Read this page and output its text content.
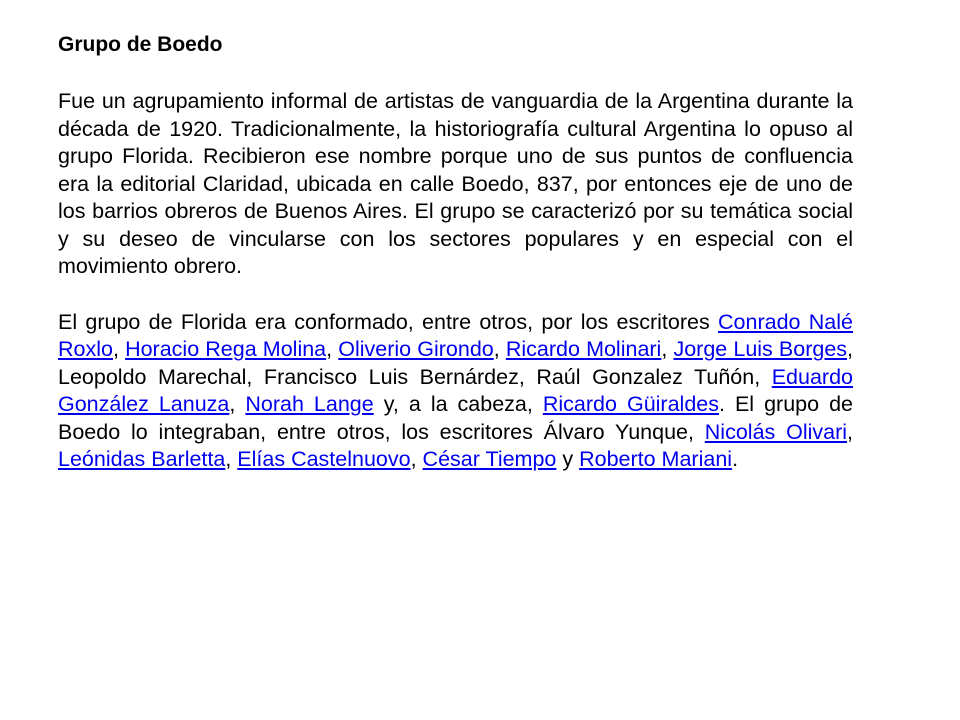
Grupo de Boedo

Fue un agrupamiento informal de artistas de vanguardia de la Argentina durante la década de 1920. Tradicionalmente, la historiografía cultural Argentina lo opuso al grupo Florida. Recibieron ese nombre porque uno de sus puntos de confluencia era la editorial Claridad, ubicada en calle Boedo, 837, por entonces eje de uno de los barrios obreros de Buenos Aires. El grupo se caracterizó por su temática social y su deseo de vincularse con los sectores populares y en especial con el movimiento obrero.

El grupo de Florida era conformado, entre otros, por los escritores Conrado Nalé Roxlo, Horacio Rega Molina, Oliverio Girondo, Ricardo Molinari, Jorge Luis Borges, Leopoldo Marechal, Francisco Luis Bernárdez, Raúl Gonzalez Tuñón, Eduardo González Lanuza, Norah Lange y, a la cabeza, Ricardo Güiraldes. El grupo de Boedo lo integraban, entre otros, los escritores Álvaro Yunque, Nicolás Olivari, Leónidas Barletta, Elías Castelnuovo, César Tiempo y Roberto Mariani.
